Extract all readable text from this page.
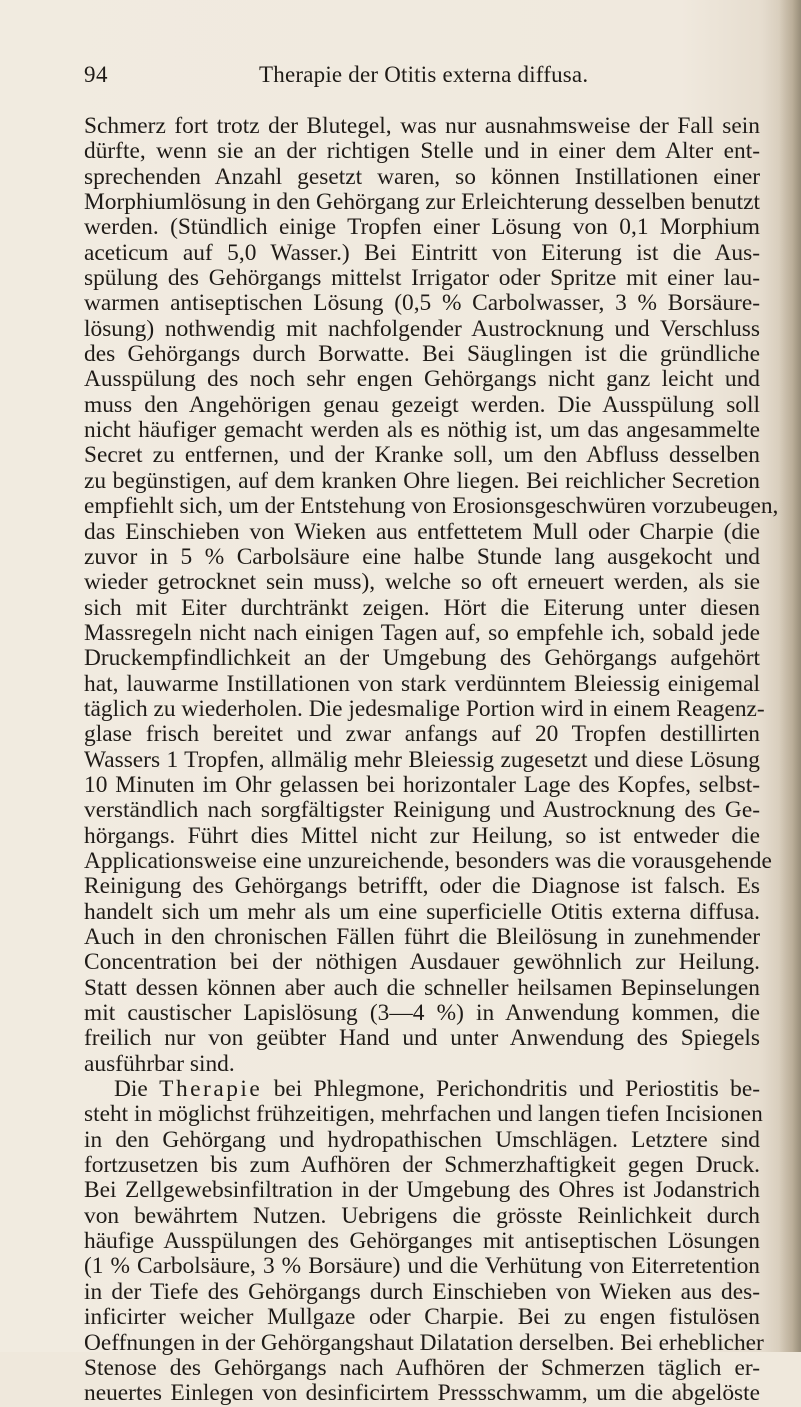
94	Therapie der Otitis externa diffusa.
Schmerz fort trotz der Blutegel, was nur ausnahmsweise der Fall sein
dürfte, wenn sie an der richtigen Stelle und in einer dem Alter ent-
sprechenden Anzahl gesetzt waren, so können Instillationen einer
Morphiumlösung in den Gehörgang zur Erleichterung desselben benutzt
werden. (Stündlich einige Tropfen einer Lösung von 0,1 Morphium
aceticum auf 5,0 Wasser.) Bei Eintritt von Eiterung ist die Aus-
spülung des Gehörgangs mittelst Irrigator oder Spritze mit einer lau-
warmen antiseptischen Lösung (0,5 % Carbolwasser, 3 % Borsäure-
lösung) nothwendig mit nachfolgender Austrocknung und Verschluss
des Gehörgangs durch Borwatte. Bei Säuglingen ist die gründliche
Ausspülung des noch sehr engen Gehörgangs nicht ganz leicht und
muss den Angehörigen genau gezeigt werden. Die Ausspülung soll
nicht häufiger gemacht werden als es nöthig ist, um das angesammelte
Secret zu entfernen, und der Kranke soll, um den Abfluss desselben
zu begünstigen, auf dem kranken Ohre liegen. Bei reichlicher Secretion
empfiehlt sich, um der Entstehung von Erosionsgeschwüren vorzubeugen,
das Einschieben von Wieken aus entfettetem Mull oder Charpie (die
zuvor in 5 % Carbolsäure eine halbe Stunde lang ausgekocht und
wieder getrocknet sein muss), welche so oft erneuert werden, als sie
sich mit Eiter durchtränkt zeigen. Hört die Eiterung unter diesen
Massregeln nicht nach einigen Tagen auf, so empfehle ich, sobald jede
Druckempfindlichkeit an der Umgebung des Gehörgangs aufgehört
hat, lauwarme Instillationen von stark verdünntem Bleiessig einigemal
täglich zu wiederholen. Die jedesmalige Portion wird in einem Reagenz-
glase frisch bereitet und zwar anfangs auf 20 Tropfen destillirten
Wassers 1 Tropfen, allmälig mehr Bleiessig zugesetzt und diese Lösung
10 Minuten im Ohr gelassen bei horizontaler Lage des Kopfes, selbst-
verständlich nach sorgfältigster Reinigung und Austrocknung des Ge-
hörgangs. Führt dies Mittel nicht zur Heilung, so ist entweder die
Applicationsweise eine unzureichende, besonders was die vorausgehende
Reinigung des Gehörgangs betrifft, oder die Diagnose ist falsch. Es
handelt sich um mehr als um eine superficielle Otitis externa diffusa.
Auch in den chronischen Fällen führt die Bleilösung in zunehmender
Concentration bei der nöthigen Ausdauer gewöhnlich zur Heilung.
Statt dessen können aber auch die schneller heilsamen Bepinselungen
mit caustischer Lapislösung (3—4 %) in Anwendung kommen, die
freilich nur von geübter Hand und unter Anwendung des Spiegels
ausführbar sind.
Die Therapie bei Phlegmone, Perichondritis und Periostitis be-
steht in möglichst frühzeitigen, mehrfachen und langen tiefen Incisionen
in den Gehörgang und hydropathischen Umschlägen. Letztere sind
fortzusetzen bis zum Aufhören der Schmerzhaftigkeit gegen Druck.
Bei Zellgewebsinfiltration in der Umgebung des Ohres ist Jodanstrich
von bewährtem Nutzen. Uebrigens die grösste Reinlichkeit durch
häufige Ausspülungen des Gehörganges mit antiseptischen Lösungen
(1 % Carbolsäure, 3 % Borsäure) und die Verhütung von Eiterretention
in der Tiefe des Gehörgangs durch Einschieben von Wieken aus des-
inficirter weicher Mullgaze oder Charpie. Bei zu engen fistulösen
Oeffnungen in der Gehörgangshaut Dilatation derselben. Bei erheblicher
Stenose des Gehörgangs nach Aufhören der Schmerzen täglich er-
neuertes Einlegen von desinficirtem Pressschwamm, um die abgelöste
